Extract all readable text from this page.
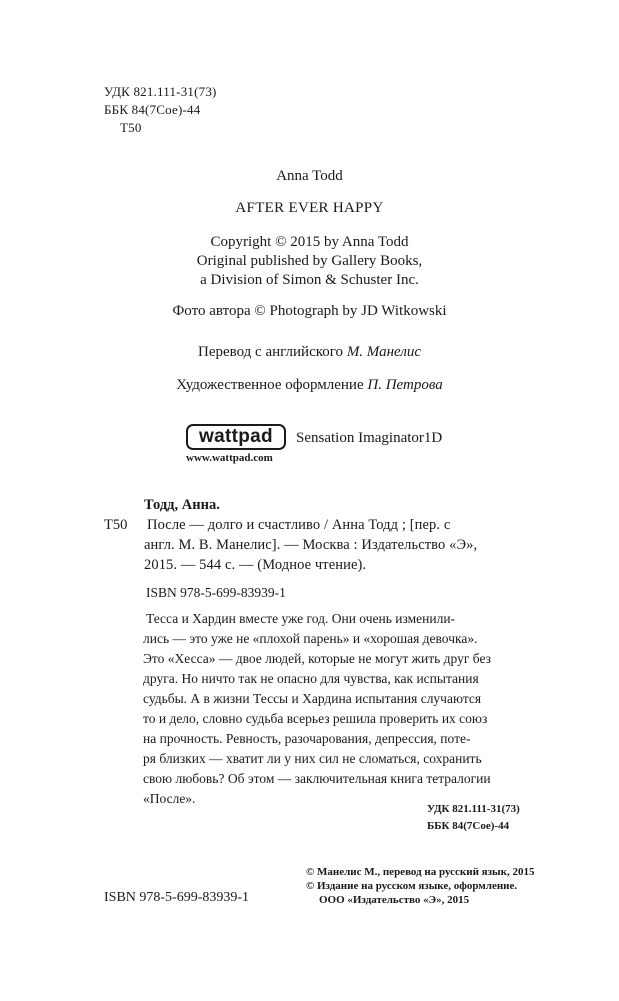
УДК 821.111-31(73)
ББК 84(7Сое)-44
Т50
Anna Todd
AFTER EVER HAPPY
Copyright © 2015 by Anna Todd
Original published by Gallery Books,
a Division of Simon & Schuster Inc.
Фото автора © Photograph by JD Witkowski
Перевод с английского М. Манелис
Художественное оформление П. Петрова
wattpad
www.wattpad.com
Sensation Imaginator1D
Тодд, Анна.
Т50 После — долго и счастливо / Анна Тодд ; [пер. с
англ. М. В. Манелис]. — Москва : Издательство «Э»,
2015. — 544 с. — (Модное чтение).
ISBN 978-5-699-83939-1
Тесса и Хардин вместе уже год. Они очень изменили-
лись — это уже не «плохой парень» и «хорошая девочка».
Это «Хесса» — двое людей, которые не могут жить друг без
друга. Но ничто так не опасно для чувства, как испытания
судьбы. А в жизни Тессы и Хардина испытания случаются
то и дело, словно судьба всерьез решила проверить их союз
на прочность. Ревность, разочарования, депрессия, поте-
ря близких — хватит ли у них сил не сломаться, сохранить
свою любовь? Об этом — заключительная книга тетралогии
«После».
УДК 821.111-31(73)
ББК 84(7Сое)-44
ISBN 978-5-699-83939-1
© Манелис М., перевод на русский язык, 2015
© Издание на русском языке, оформление.
ООО «Издательство «Э», 2015
